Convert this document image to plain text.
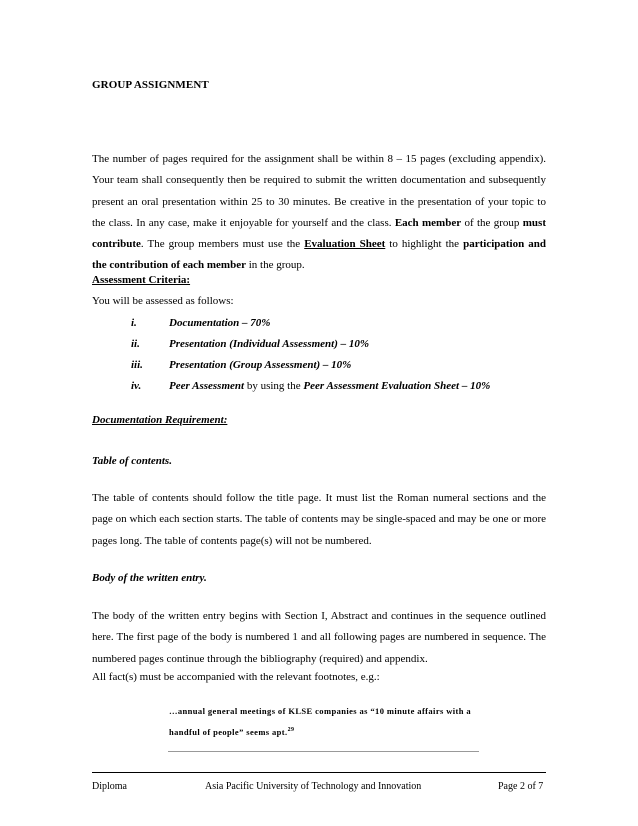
GROUP ASSIGNMENT
The number of pages required for the assignment shall be within 8 – 15 pages (excluding appendix). Your team shall consequently then be required to submit the written documentation and subsequently present an oral presentation within 25 to 30 minutes. Be creative in the presentation of your topic to the class. In any case, make it enjoyable for yourself and the class. Each member of the group must contribute. The group members must use the Evaluation Sheet to highlight the participation and the contribution of each member in the group.
Assessment Criteria:
You will be assessed as follows:
i.	Documentation – 70%
ii.	Presentation (Individual Assessment) – 10%
iii. Presentation (Group Assessment) – 10%
iv.	Peer Assessment by using the Peer Assessment Evaluation Sheet – 10%
Documentation Requirement:
Table of contents.
The table of contents should follow the title page. It must list the Roman numeral sections and the page on which each section starts. The table of contents may be single-spaced and may be one or more pages long. The table of contents page(s) will not be numbered.
Body of the written entry.
The body of the written entry begins with Section I, Abstract and continues in the sequence outlined here. The first page of the body is numbered 1 and all following pages are numbered in sequence. The numbered pages continue through the bibliography (required) and appendix.
All fact(s) must be accompanied with the relevant footnotes, e.g.:
…annual general meetings of KLSE companies as “10 minute affairs with a
handful of people” seems apt.$^{29}$
Diploma	Asia Pacific University of Technology and Innovation	Page 2 of 7
